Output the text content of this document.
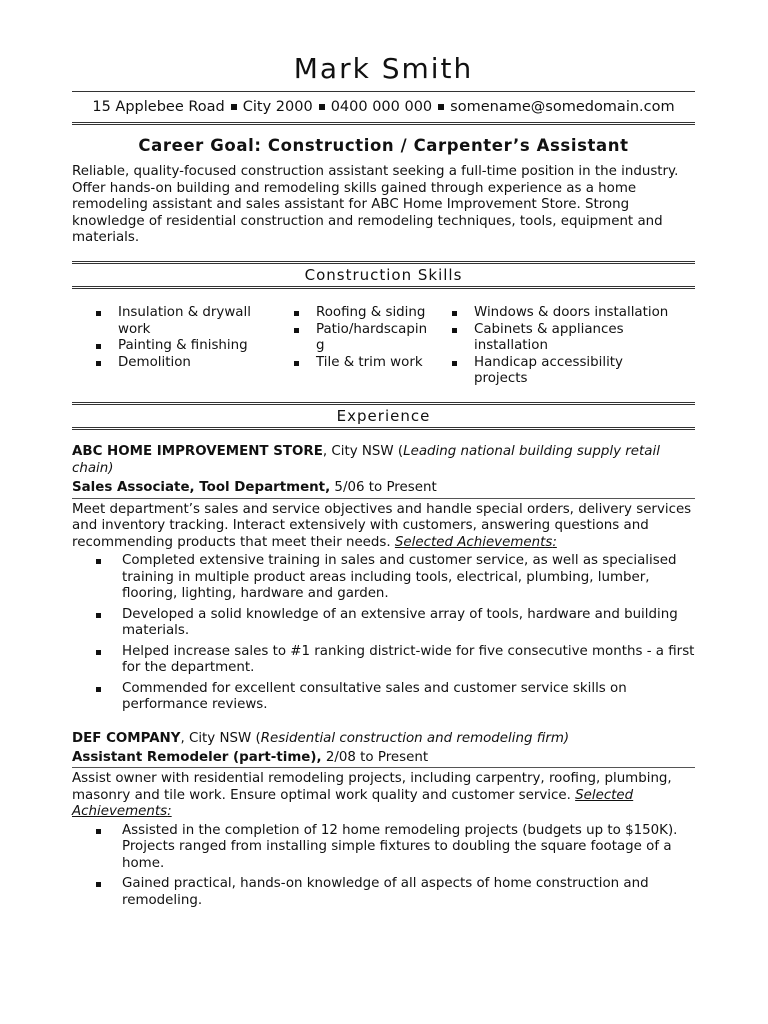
Mark Smith
15 Applebee Road City 2000 0400 000 000 somename@somedomain.com
Career Goal: Construction / Carpenter’s Assistant
Reliable, quality-focused construction assistant seeking a full-time position in the industry. Offer hands-on building and remodeling skills gained through experience as a home remodeling assistant and sales assistant for ABC Home Improvement Store. Strong knowledge of residential construction and remodeling techniques, tools, equipment and materials.
Construction Skills
Insulation & drywall work
Painting & finishing
Demolition
Roofing & siding
Patio/hardscaping
Tile & trim work
Windows & doors installation
Cabinets & appliances installation
Handicap accessibility projects
Experience
ABC HOME IMPROVEMENT STORE, City NSW (Leading national building supply retail chain)
Sales Associate, Tool Department, 5/06 to Present
Meet department’s sales and service objectives and handle special orders, delivery services and inventory tracking. Interact extensively with customers, answering questions and recommending products that meet their needs. Selected Achievements:
Completed extensive training in sales and customer service, as well as specialised training in multiple product areas including tools, electrical, plumbing, lumber, flooring, lighting, hardware and garden.
Developed a solid knowledge of an extensive array of tools, hardware and building materials.
Helped increase sales to #1 ranking district-wide for five consecutive months - a first for the department.
Commended for excellent consultative sales and customer service skills on performance reviews.
DEF COMPANY, City NSW (Residential construction and remodeling firm)
Assistant Remodeler (part-time), 2/08 to Present
Assist owner with residential remodeling projects, including carpentry, roofing, plumbing, masonry and tile work. Ensure optimal work quality and customer service. Selected Achievements:
Assisted in the completion of 12 home remodeling projects (budgets up to $150K). Projects ranged from installing simple fixtures to doubling the square footage of a home.
Gained practical, hands-on knowledge of all aspects of home construction and remodeling.
